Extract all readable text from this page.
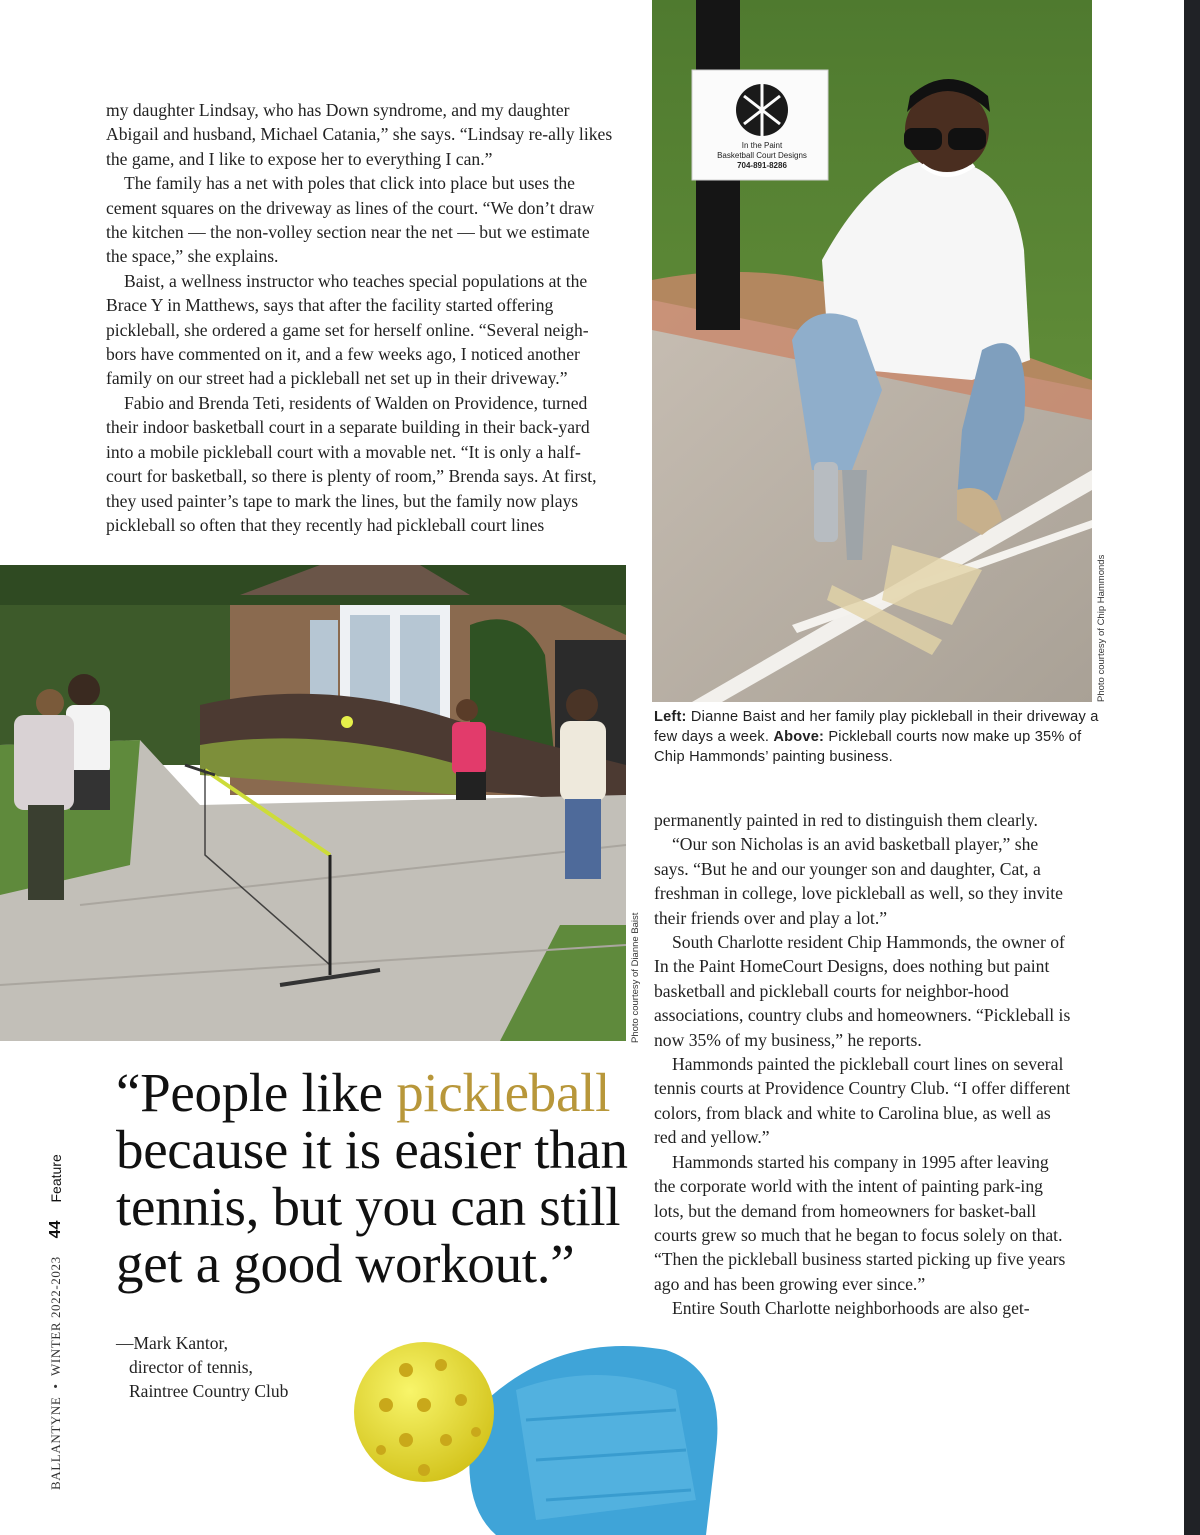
my daughter Lindsay, who has Down syndrome, and my daughter Abigail and husband, Michael Catania,” she says. “Lindsay re-ally likes the game, and I like to expose her to everything I can.”

The family has a net with poles that click into place but uses the cement squares on the driveway as lines of the court. “We don’t draw the kitchen — the non-volley section near the net — but we estimate the space,” she explains.

Baist, a wellness instructor who teaches special populations at the Brace Y in Matthews, says that after the facility started offering pickleball, she ordered a game set for herself online. “Several neigh-bors have commented on it, and a few weeks ago, I noticed another family on our street had a pickleball net set up in their driveway.”

Fabio and Brenda Teti, residents of Walden on Providence, turned their indoor basketball court in a separate building in their back-yard into a mobile pickleball court with a movable net. “It is only a half-court for basketball, so there is plenty of room,” Brenda says. At first, they used painter’s tape to mark the lines, but the family now plays pickleball so often that they recently had pickleball court lines

In the Paint
Basketball Court Designs
704-891-8286
Photo courtesy of Chip Hammonds
Left: Dianne Baist and her family play pickleball in their driveway a few days a week. Above: Pickleball courts now make up 35% of Chip Hammonds’ painting business.
Photo courtesy of Dianne Baist

permanently painted in red to distinguish them clearly.

“Our son Nicholas is an avid basketball player,” she says. “But he and our younger son and daughter, Cat, a freshman in college, love pickleball as well, so they invite their friends over and play a lot.”

South Charlotte resident Chip Hammonds, the owner of In the Paint HomeCourt Designs, does nothing but paint basketball and pickleball courts for neighbor-hood associations, country clubs and homeowners. “Pickleball is now 35% of my business,” he reports.

Hammonds painted the pickleball court lines on several tennis courts at Providence Country Club. “I offer different colors, from black and white to Carolina blue, as well as red and yellow.”

Hammonds started his company in 1995 after leaving the corporate world with the intent of painting park-ing lots, but the demand from homeowners for basket-ball courts grew so much that he began to focus solely on that. “Then the pickleball business started picking up five years ago and has been growing ever since.”

Entire South Charlotte neighborhoods are also get-

“People like pickleball because it is easier than tennis, but you can still get a good workout.”
—Mark Kantor,
director of tennis,
Raintree Country Club
BALLANTYNE
•
WINTER 2022-2023
44
Feature
